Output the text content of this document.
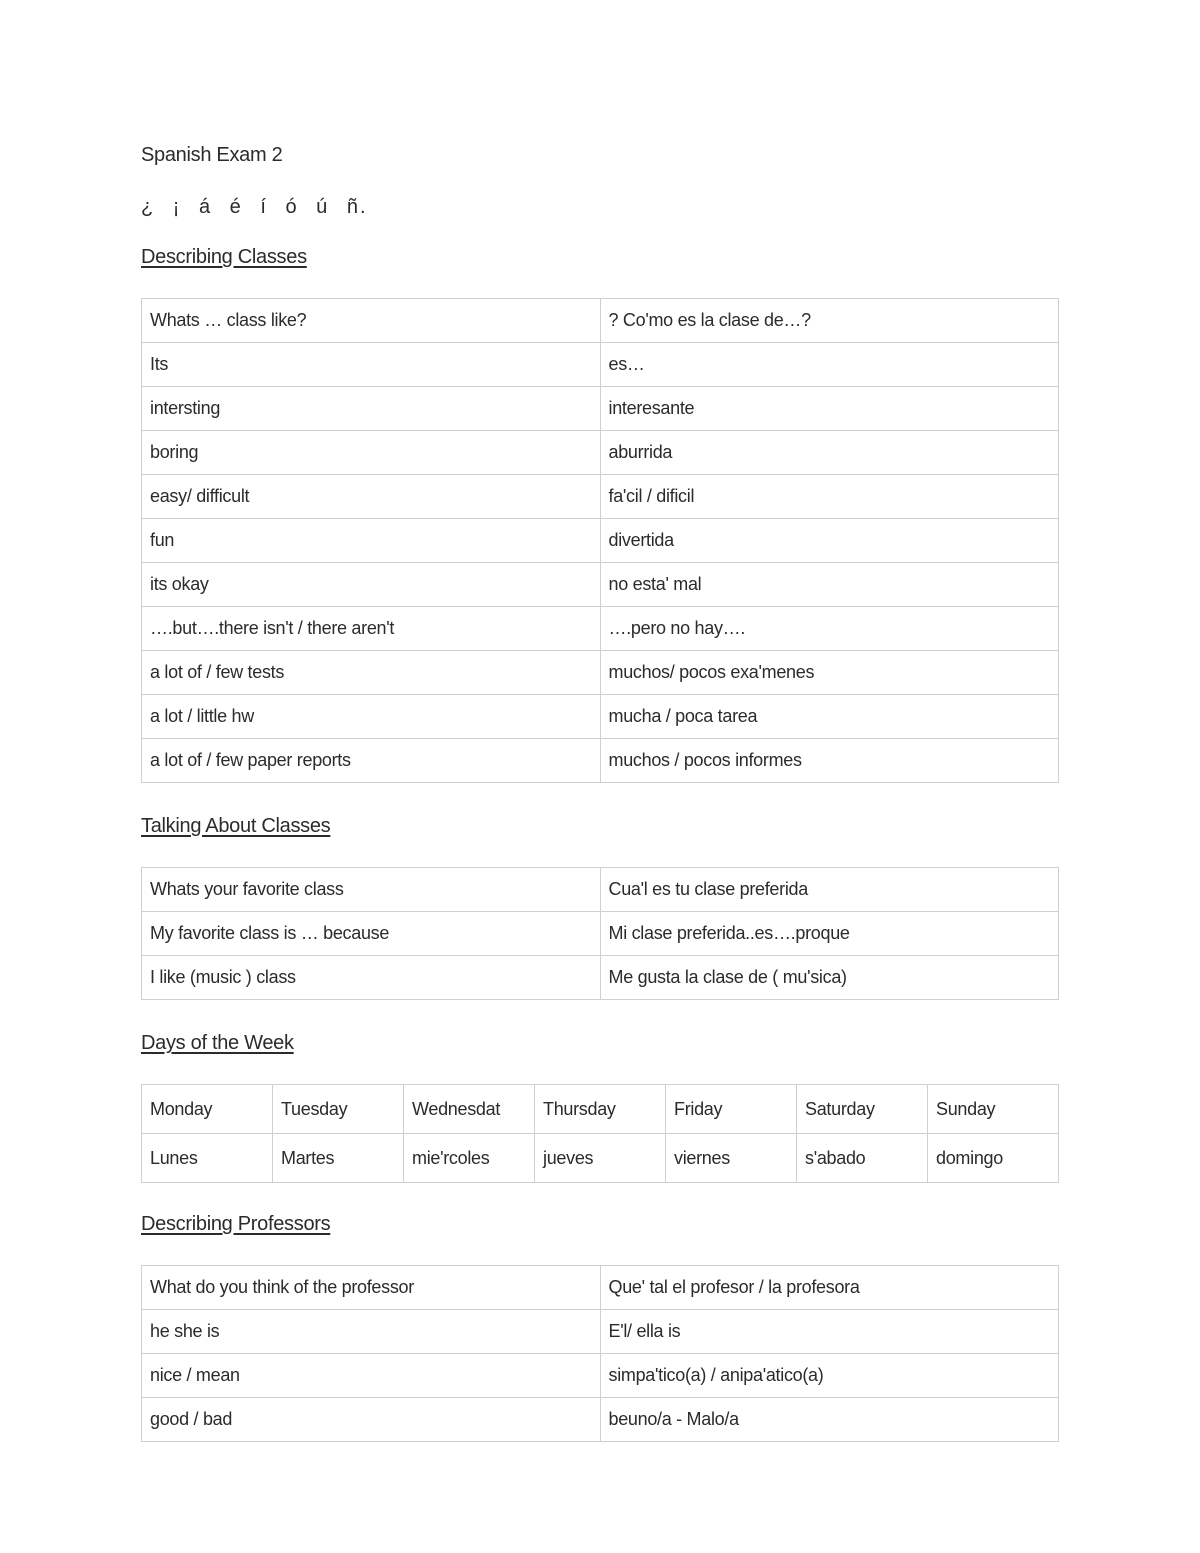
Spanish Exam 2
¿ ¡ á é í ó ú ñ.
Describing Classes
Whats … class like?	? Co'mo es la clase de…?
Its	es…
intersting	interesante
boring	aburrida
easy/ difficult	fa'cil / dificil
fun	divertida
its okay	no esta' mal
….but….there isn't / there aren't	….pero no hay….
a lot of / few tests	muchos/ pocos exa'menes
a lot / little hw	mucha / poca tarea
a lot of / few paper reports	muchos / pocos informes
Talking About Classes
Whats your favorite class	Cua'l es tu clase preferida
My favorite class is … because	Mi clase preferida..es….proque
I like (music ) class	Me gusta la clase de ( mu'sica)
Days of the Week
Monday	Tuesday	Wednesdat	Thursday	Friday	Saturday	Sunday
Lunes	Martes	mie'rcoles	jueves	viernes	s'abado	domingo
Describing Professors
What do you think of the professor	Que' tal el profesor / la profesora
he she is	E'l/ ella is
nice / mean	simpa'tico(a) / anipa'atico(a)
good / bad	beuno/a - Malo/a
